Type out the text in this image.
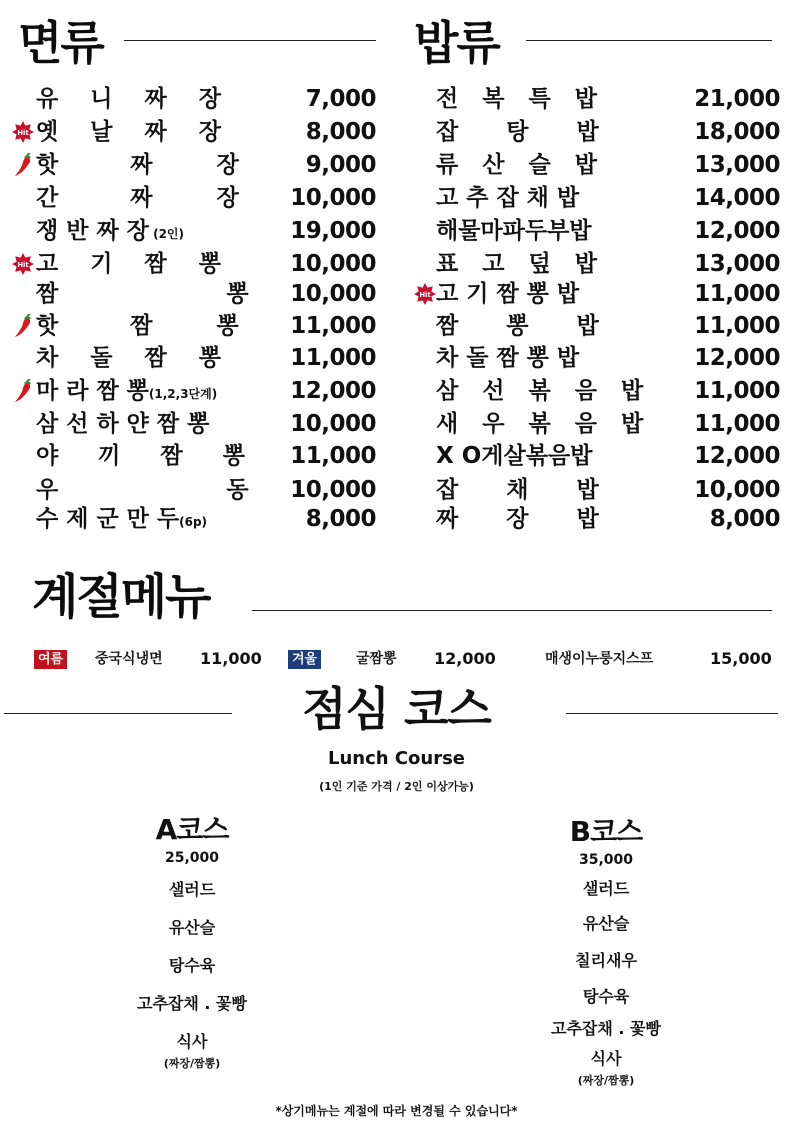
면류	밥류
유    니    짜    장	7,000
Hit 옛    날    짜    장	8,000
핫         짜        장	9,000
간         짜        장	10,000
쟁 반 짜 장 (2인)	19,000
Hit 고    기    짬    뽕	10,000
짬                     뽕	10,000
핫         짬        뽕	11,000
차    돌    짬    뽕	11,000
마 라 짬 뽕(1,2,3단계)	12,000
삼 선 하 얀 짬 뽕	10,000
야     끼     짬     뽕	11,000
우                     동	10,000
수 제 군 만 두(6p)	8,000
전   복   특   밥	21,000
잡      탕      밥	18,000
류   산   슬   밥	13,000
고 추 잡 채 밥	14,000
해물마파두부밥	12,000
표   고   덮   밥	13,000
Hit 고 기 짬 뽕 밥	11,000
짬      뽕      밥	11,000
차 돌 짬 뽕 밥	12,000
삼   선   볶   음   밥	11,000
새   우   볶   음   밥	11,000
X O게살볶음밥	12,000
잡      채      밥	10,000
짜      장      밥	8,000
계절메뉴
여름 중국식냉면 11,000	겨울	굴짬뽕 12,000	매생이누룽지스프	15,000
점심 코스
Lunch Course
(1인 기준 가격 / 2인 이상가능)
A코스
25,000
샐러드
유산슬
탕수육
고추잡채 . 꽃빵
식사
(짜장/짬뽕)
B코스
35,000
샐러드
유산슬
칠리새우
탕수육
고추잡채 . 꽃빵
식사
(짜장/짬뽕)
*상기메뉴는 계절에 따라 변경될 수 있습니다*
